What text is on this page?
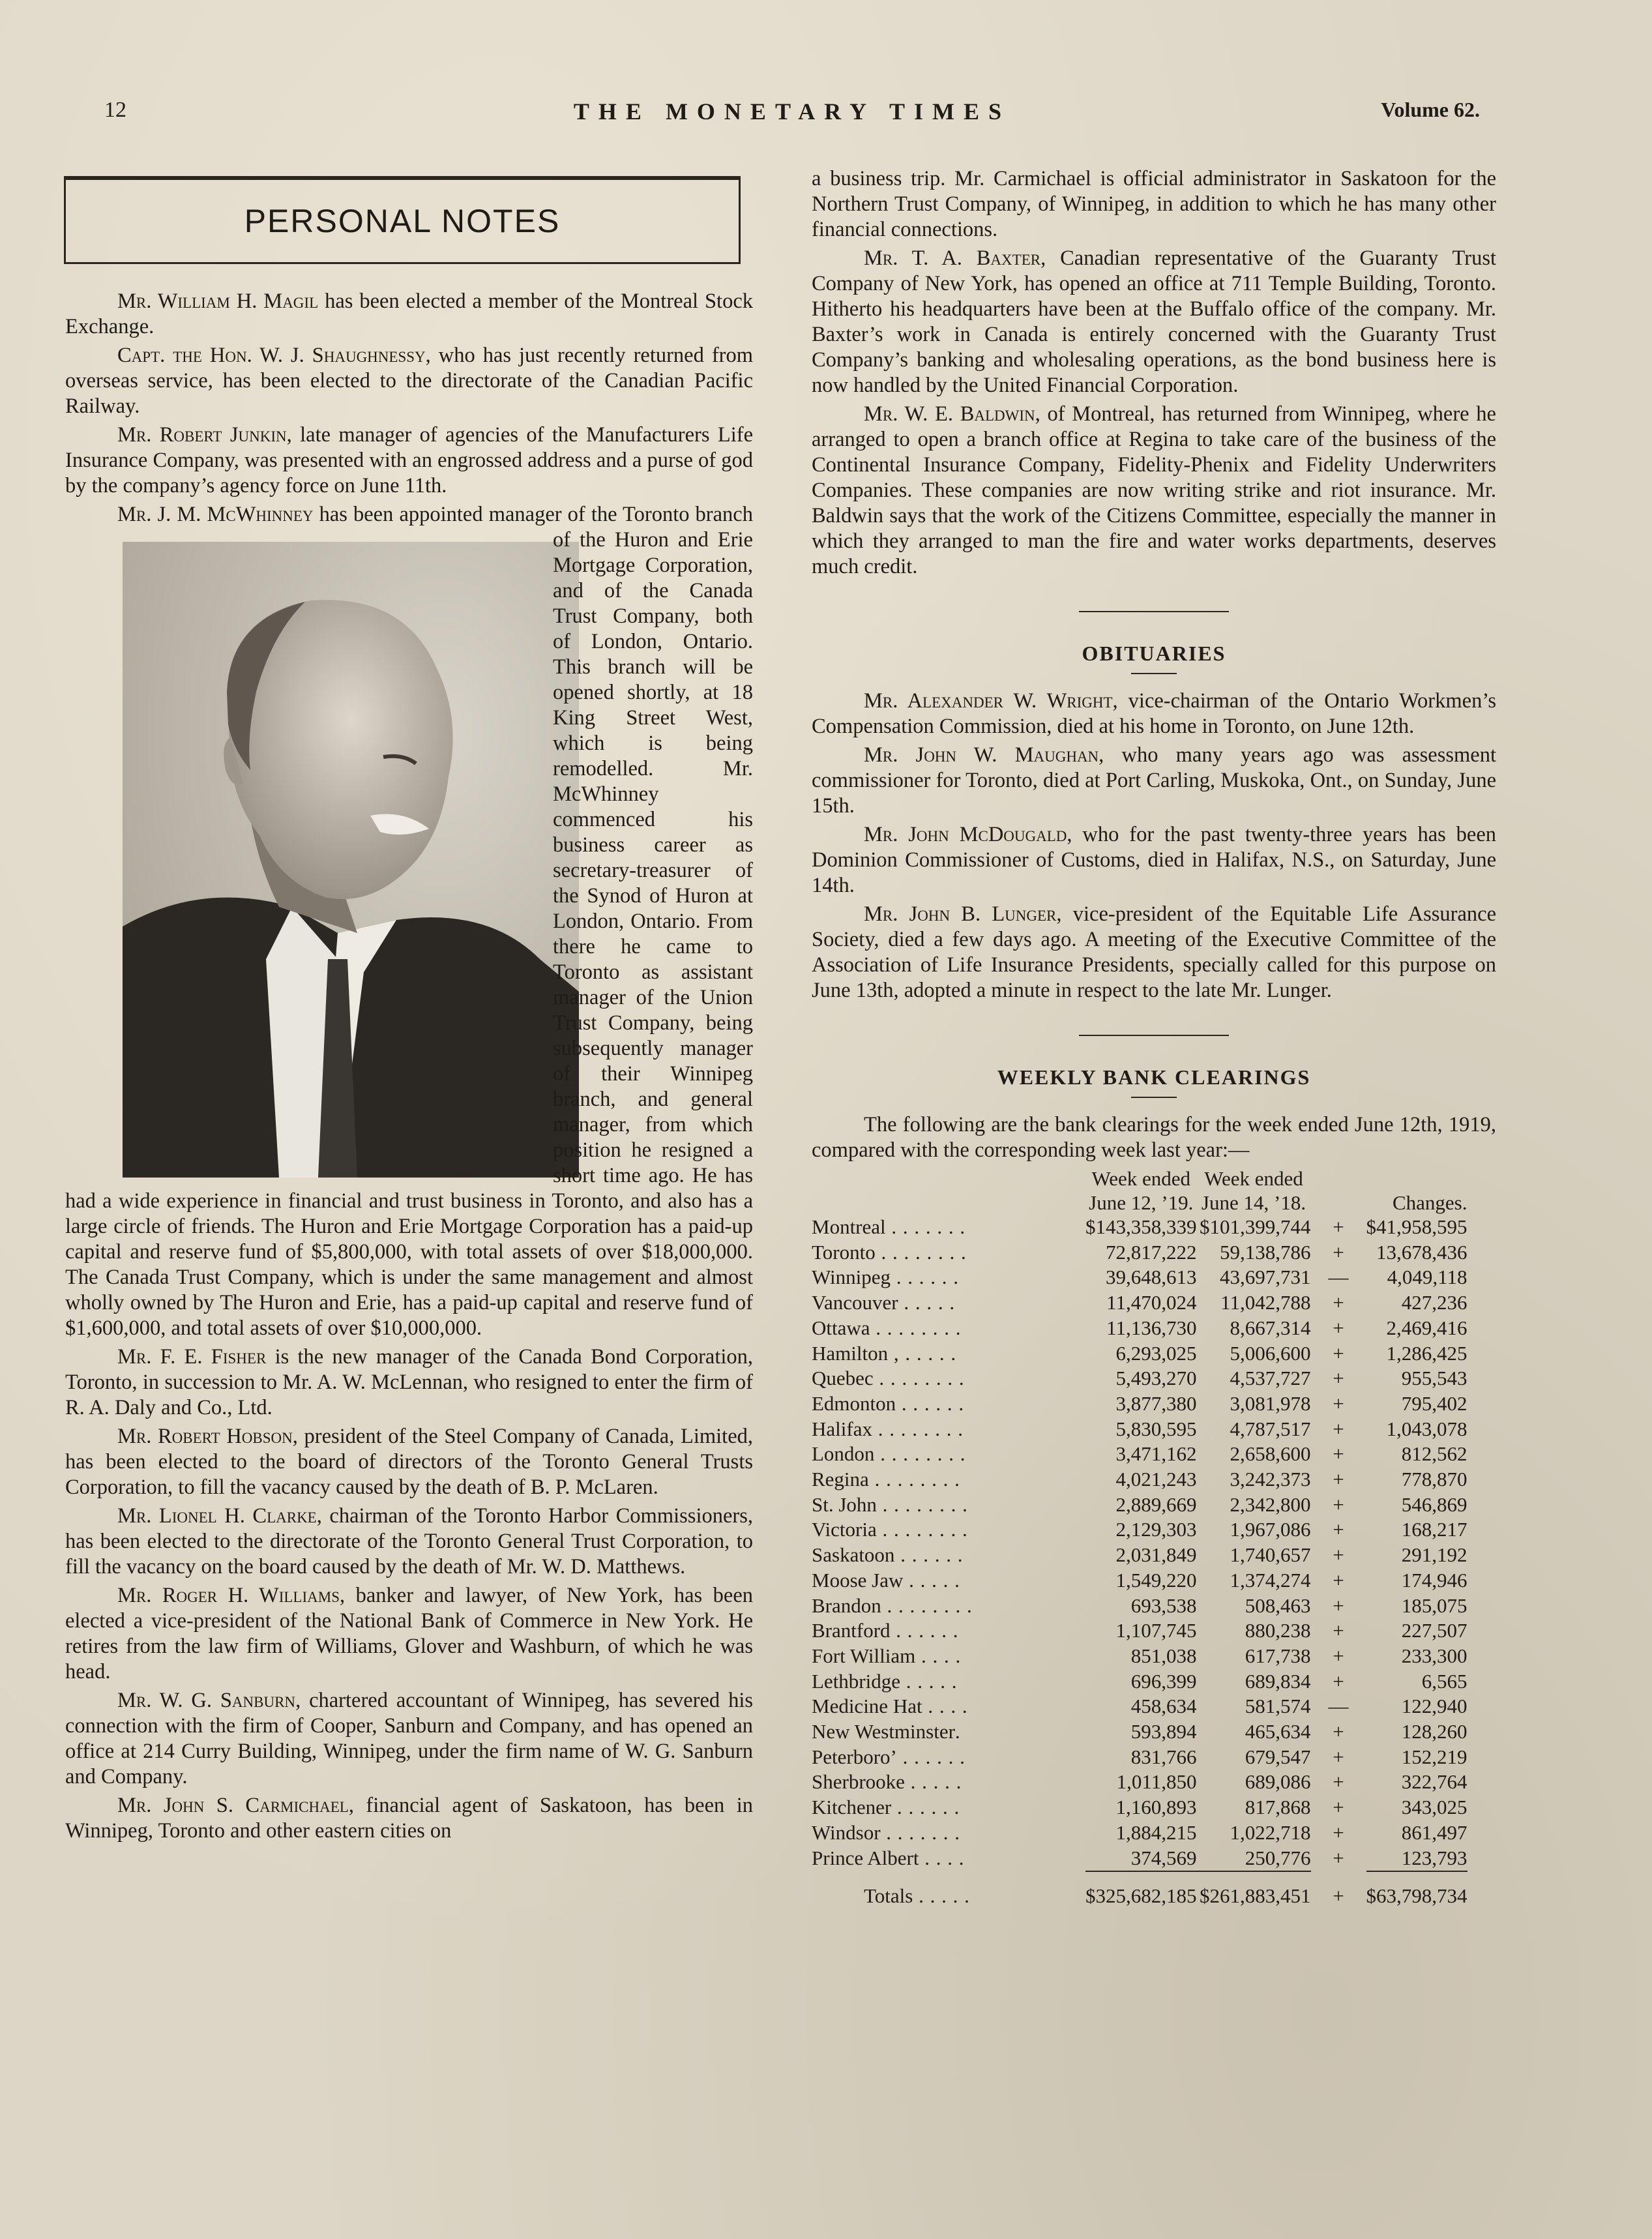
12	THE MONETARY TIMES	Volume 62.
PERSONAL NOTES

Mr. William H. Magil has been elected a member of the Montreal Stock Exchange.

Capt. the Hon. W. J. Shaughnessy, who has just recently returned from overseas service, has been elected to the directorate of the Canadian Pacific Railway.

Mr. Robert Junkin, late manager of agencies of the Manufacturers Life Insurance Company, was presented with an engrossed address and a purse of god by the company’s agency force on June 11th.

Mr. J. M. McWhinney
has been appointed manager of the Toronto branch of the Huron and Erie Mortgage Corporation, and of the Canada Trust Company, both of London, Ontario. This branch will be opened shortly, at 18 King Street West, which is being remodelled. Mr. McWhinney commenced his business career as secretary-treasurer of the Synod of Huron at London, Ontario. From there he came to Toronto as assistant manager of the Union Trust Company, being subsequently manager of their Winnipeg branch, and general manager, from which position he resigned a short time ago. He has had a wide experience in financial and trust business in Toronto, and also has a large circle of friends. The Huron and Erie Mortgage Corporation has a paid-up capital and reserve fund of $5,800,000, with total assets of over $18,000,000. The Canada Trust Company, which is under the same management and almost wholly owned by The Huron and Erie, has a paid-up capital and reserve fund of $1,600,000, and total assets of over $10,000,000.

Mr. F. E. Fisher is the new manager of the Canada Bond Corporation, Toronto, in succession to Mr. A. W. McLennan, who resigned to enter the firm of R. A. Daly and Co., Ltd.

Mr. Robert Hobson, president of the Steel Company of Canada, Limited, has been elected to the board of directors of the Toronto General Trusts Corporation, to fill the vacancy caused by the death of B. P. McLaren.

Mr. Lionel H. Clarke, chairman of the Toronto Harbor Commissioners, has been elected to the directorate of the Toronto General Trust Corporation, to fill the vacancy on the board caused by the death of Mr. W. D. Matthews.

Mr. Roger H. Williams, banker and lawyer, of New York, has been elected a vice-president of the National Bank of Commerce in New York. He retires from the law firm of Williams, Glover and Washburn, of which he was head.

Mr. W. G. Sanburn, chartered accountant of Winnipeg, has severed his connection with the firm of Cooper, Sanburn and Company, and has opened an office at 214 Curry Building, Winnipeg, under the firm name of W. G. Sanburn and Company.

Mr. John S. Carmichael, financial agent of Saskatoon, has been in Winnipeg, Toronto and other eastern cities on

a business trip. Mr. Carmichael is official administrator in Saskatoon for the Northern Trust Company, of Winnipeg, in addition to which he has many other financial connections.

Mr. T. A. Baxter, Canadian representative of the Guaranty Trust Company of New York, has opened an office at 711 Temple Building, Toronto. Hitherto his headquarters have been at the Buffalo office of the company. Mr. Baxter’s work in Canada is entirely concerned with the Guaranty Trust Company’s banking and wholesaling operations, as the bond business here is now handled by the United Financial Corporation.

Mr. W. E. Baldwin, of Montreal, has returned from Winnipeg, where he arranged to open a branch office at Regina to take care of the business of the Continental Insurance Company, Fidelity-Phenix and Fidelity Underwriters Companies. These companies are now writing strike and riot insurance. Mr. Baldwin says that the work of the Citizens Committee, especially the manner in which they arranged to man the fire and water works departments, deserves much credit.

OBITUARIES

Mr. Alexander W. Wright, vice-chairman of the Ontario Workmen’s Compensation Commission, died at his home in Toronto, on June 12th.

Mr. John W. Maughan, who many years ago was assessment commissioner for Toronto, died at Port Carling, Muskoka, Ont., on Sunday, June 15th.

Mr. John McDougald, who for the past twenty-three years has been Dominion Commissioner of Customs, died in Halifax, N.S., on Saturday, June 14th.

Mr. John B. Lunger, vice-president of the Equitable Life Assurance Society, died a few days ago. A meeting of the Executive Committee of the Association of Life Insurance Presidents, specially called for this purpose on June 13th, adopted a minute in respect to the late Mr. Lunger.

WEEKLY BANK CLEARINGS

The following are the bank clearings for the week ended June 12th, 1919, compared with the corresponding week last year:—

	Week ended	Week ended		
	June 12, ’19.	June 14, ’18.		Changes.
Montreal . . . . . . .	$143,358,339	$101,399,744	+	$41,958,595
Toronto . . . . . . . .	72,817,222	59,138,786	+	13,678,436
Winnipeg . . . . . .	39,648,613	43,697,731	—	4,049,118
Vancouver . . . . .	11,470,024	11,042,788	+	427,236
Ottawa . . . . . . . .	11,136,730	8,667,314	+	2,469,416
Hamilton , . . . . .	6,293,025	5,006,600	+	1,286,425
Quebec . . . . . . . .	5,493,270	4,537,727	+	955,543
Edmonton . . . . . .	3,877,380	3,081,978	+	795,402
Halifax . . . . . . . .	5,830,595	4,787,517	+	1,043,078
London . . . . . . . .	3,471,162	2,658,600	+	812,562
Regina . . . . . . . .	4,021,243	3,242,373	+	778,870
St. John . . . . . . . .	2,889,669	2,342,800	+	546,869
Victoria . . . . . . . .	2,129,303	1,967,086	+	168,217
Saskatoon . . . . . .	2,031,849	1,740,657	+	291,192
Moose Jaw . . . . .	1,549,220	1,374,274	+	174,946
Brandon . . . . . . . .	693,538	508,463	+	185,075
Brantford . . . . . .	1,107,745	880,238	+	227,507
Fort William . . . .	851,038	617,738	+	233,300
Lethbridge . . . . .	696,399	689,834	+	6,565
Medicine Hat . . . .	458,634	581,574	—	122,940
New Westminster.	593,894	465,634	+	128,260
Peterboro’ . . . . . .	831,766	679,547	+	152,219
Sherbrooke . . . . .	1,011,850	689,086	+	322,764
Kitchener . . . . . .	1,160,893	817,868	+	343,025
Windsor . . . . . . .	1,884,215	1,022,718	+	861,497
Prince Albert . . . .	374,569	250,776	+	123,793
Totals . . . . .	$325,682,185	$261,883,451	+	$63,798,734
